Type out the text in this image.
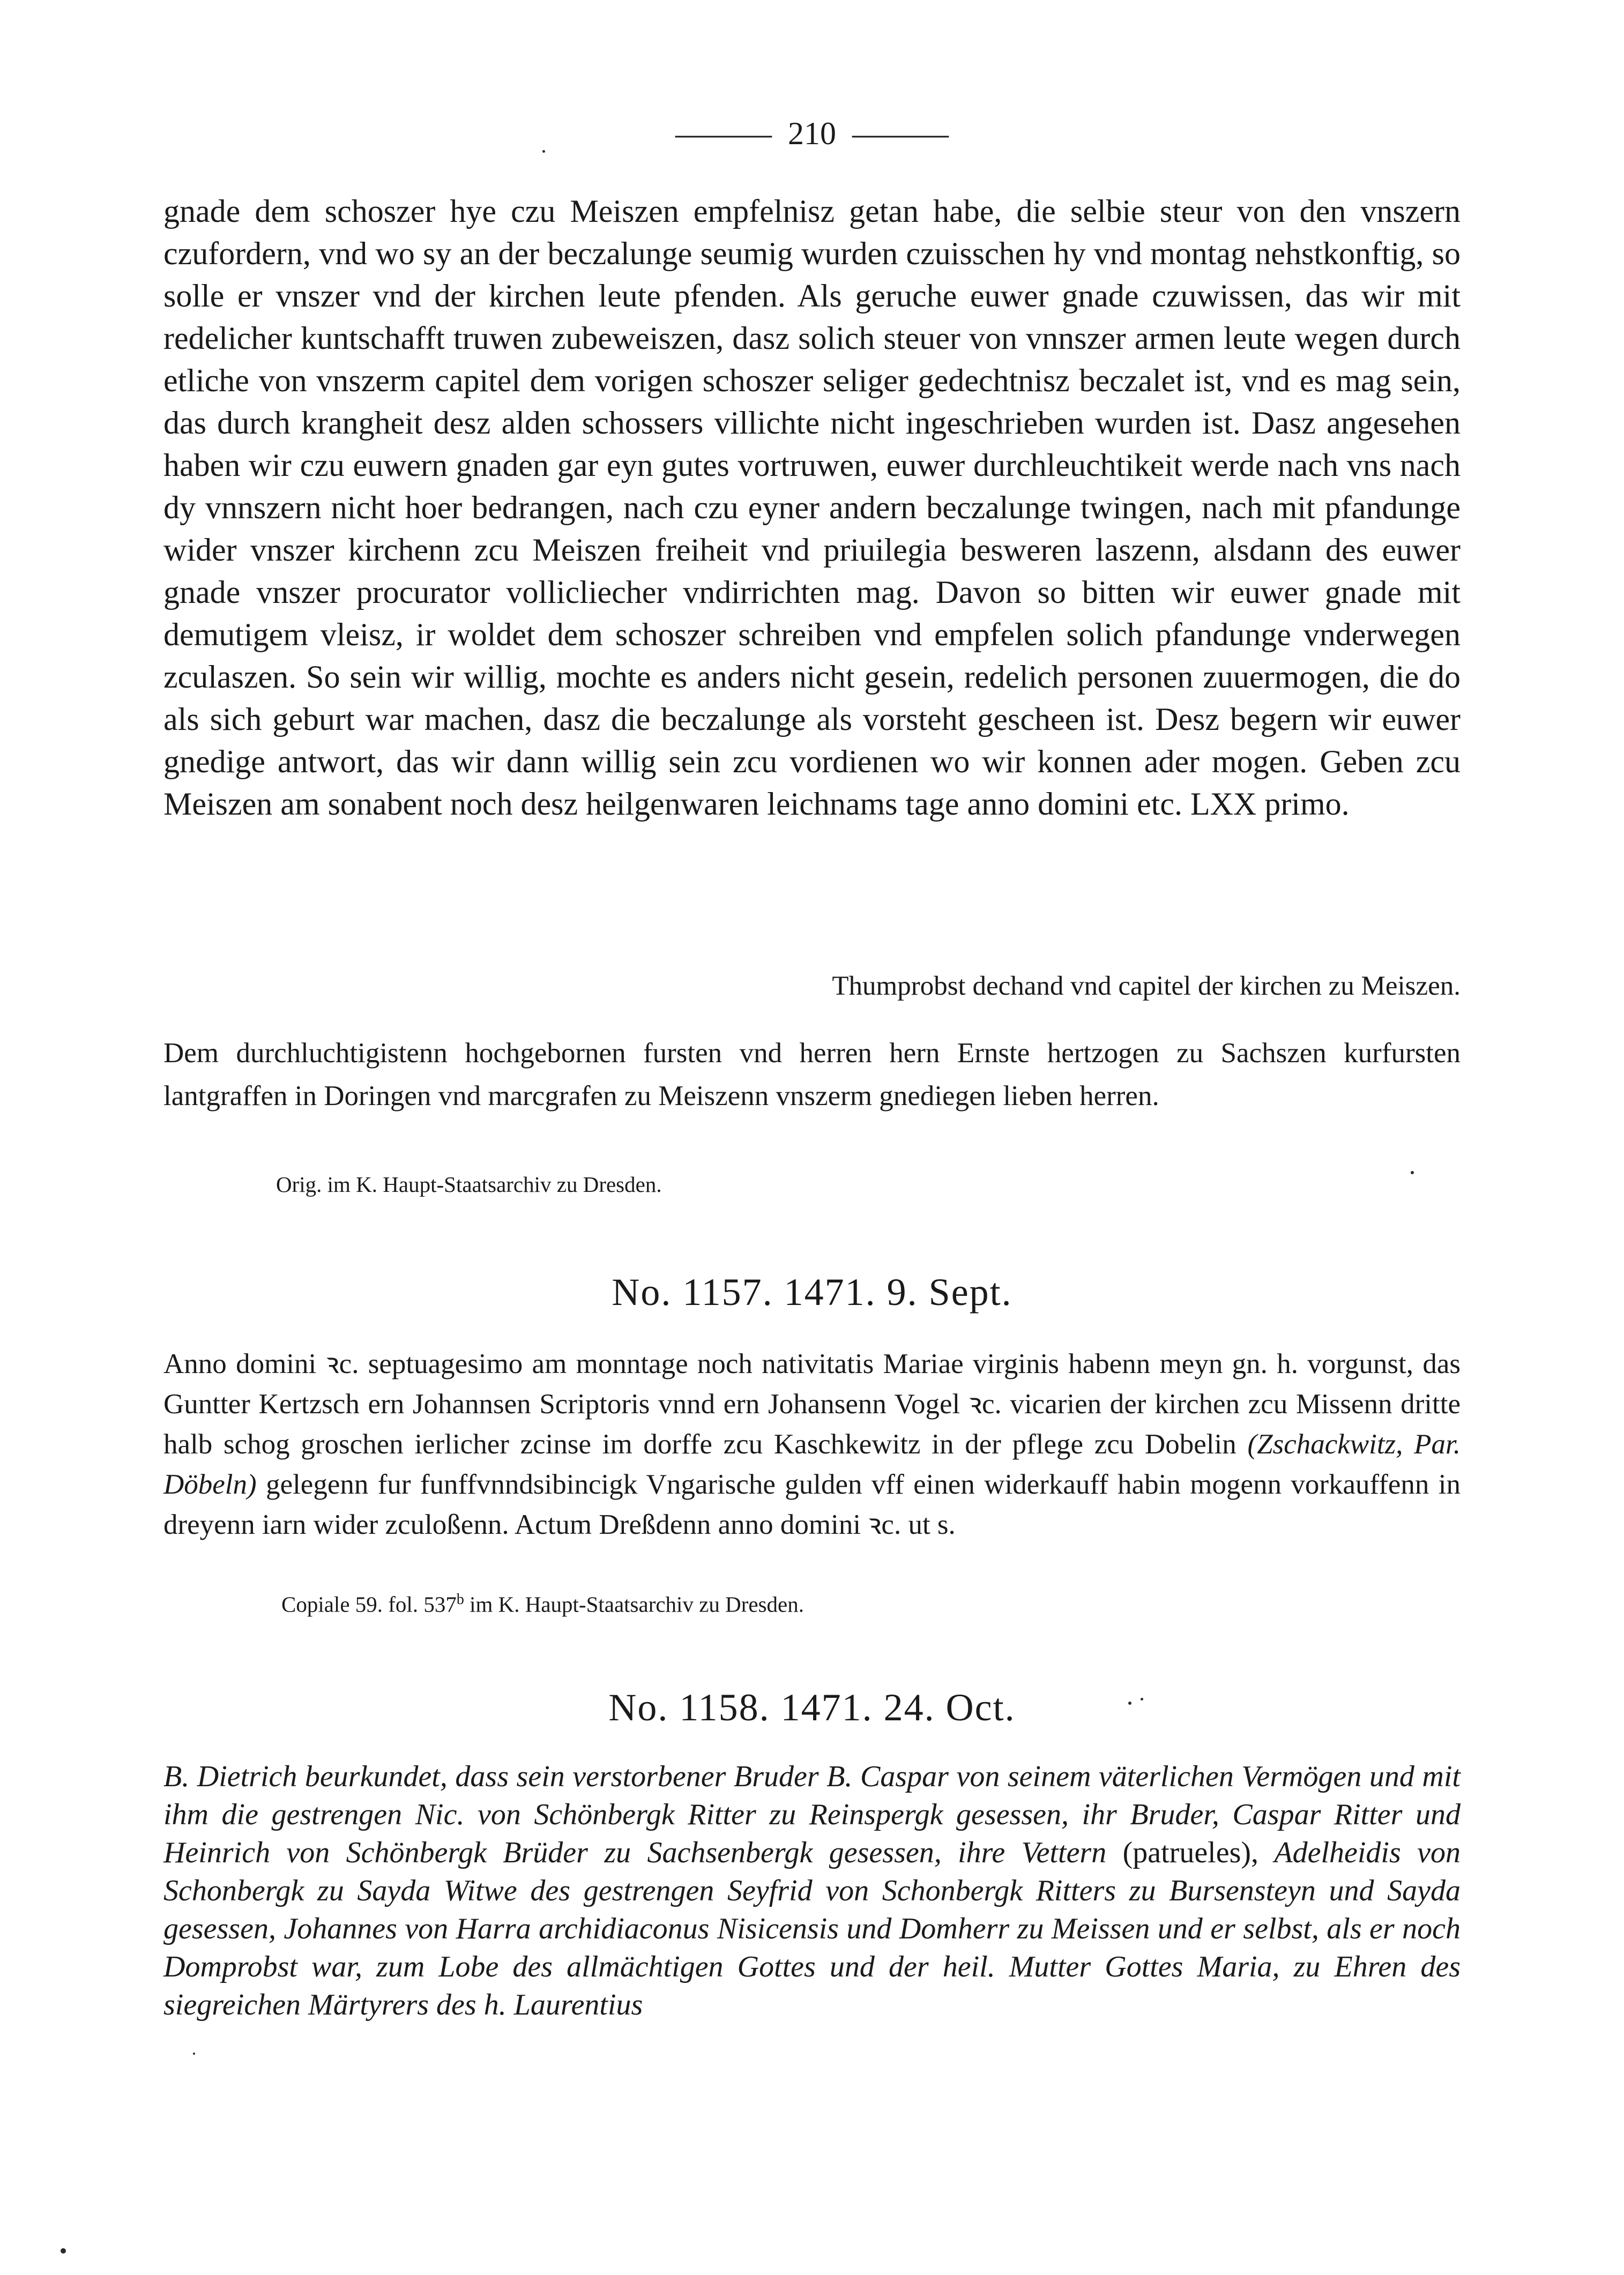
——— 210 ———
gnade dem schoszer hye czu Meiszen empfelnisz getan habe, die selbie steur von den vnszern czufordern, vnd wo sy an der beczalunge seumig wurden czuisschen hy vnd montag nehstkonftig, so solle er vnszer vnd der kirchen leute pfenden. Als geruche euwer gnade czuwissen, das wir mit redelicher kuntschafft truwen zubeweiszen, dasz solich steuer von vnnszer armen leute wegen durch etliche von vnszerm capitel dem vorigen schoszer seliger gedechtnisz beczalet ist, vnd es mag sein, das durch krangheit desz alden schossers villichte nicht ingeschrieben wurden ist. Dasz angesehen haben wir czu euwern gnaden gar eyn gutes vortruwen, euwer durchleuchtikeit werde nach vns nach dy vnnszern nicht hoer bedrangen, nach czu eyner andern beczalunge twingen, nach mit pfandunge wider vnszer kirchenn zcu Meiszen freiheit vnd priuilegia besweren laszenn, alsdann des euwer gnade vnszer procurator vollicliecher vndirrichten mag. Davon so bitten wir euwer gnade mit demutigem vleisz, ir woldet dem schoszer schreiben vnd empfelen solich pfandunge vnderwegen zculaszen. So sein wir willig, mochte es anders nicht gesein, redelich personen zuuermogen, die do als sich geburt war machen, dasz die beczalunge als vorsteht gescheen ist. Desz begern wir euwer gnedige antwort, das wir dann willig sein zcu vordienen wo wir konnen ader mogen. Geben zcu Meiszen am sonabent noch desz heilgenwaren leichnams tage anno domini etc. LXX primo.
Thumprobst dechand vnd capitel der kirchen zu Meiszen.
Dem durchluchtigistenn hochgebornen fursten vnd herren hern Ernste hertzogen zu Sachszen kurfursten lantgraffen in Doringen vnd marcgrafen zu Meiszenn vnszerm gnediegen lieben herren.
Orig. im K. Haupt-Staatsarchiv zu Dresden.
No. 1157. 1471. 9. Sept.
Anno domini ꝛc. septuagesimo am monntage noch nativitatis Mariae virginis habenn meyn gn. h. vorgunst, das Guntter Kertzsch ern Johannsen Scriptoris vnnd ern Johansenn Vogel ꝛc. vicarien der kirchen zcu Missenn dritte halb schog groschen ierlicher zcinse im dorffe zcu Kaschkewitz in der pflege zcu Dobelin (Zschackwitz, Par. Döbeln) gelegenn fur funffvnndsibincigk Vngarische gulden vff einen widerkauff habin mogenn vorkauffenn in dreyenn iarn wider zculoßenn. Actum Dreßdenn anno domini ꝛc. ut s.
Copiale 59. fol. 537$^b$ im K. Haupt-Staatsarchiv zu Dresden.
No. 1158. 1471. 24. Oct.
B. Dietrich beurkundet, dass sein verstorbener Bruder B. Caspar von seinem väterlichen Vermögen und mit ihm die gestrengen Nic. von Schönbergk Ritter zu Reinspergk gesessen, ihr Bruder, Caspar Ritter und Heinrich von Schönbergk Brüder zu Sachsenbergk gesessen, ihre Vettern (patrueles), Adelheidis von Schonbergk zu Sayda Witwe des gestrengen Seyfrid von Schonbergk Ritters zu Bursensteyn und Sayda gesessen, Johannes von Harra archidiaconus Nisicensis und Domherr zu Meissen und er selbst, als er noch Domprobst war, zum Lobe des allmächtigen Gottes und der heil. Mutter Gottes Maria, zu Ehren des siegreichen Märtyrers des h. Laurentius
